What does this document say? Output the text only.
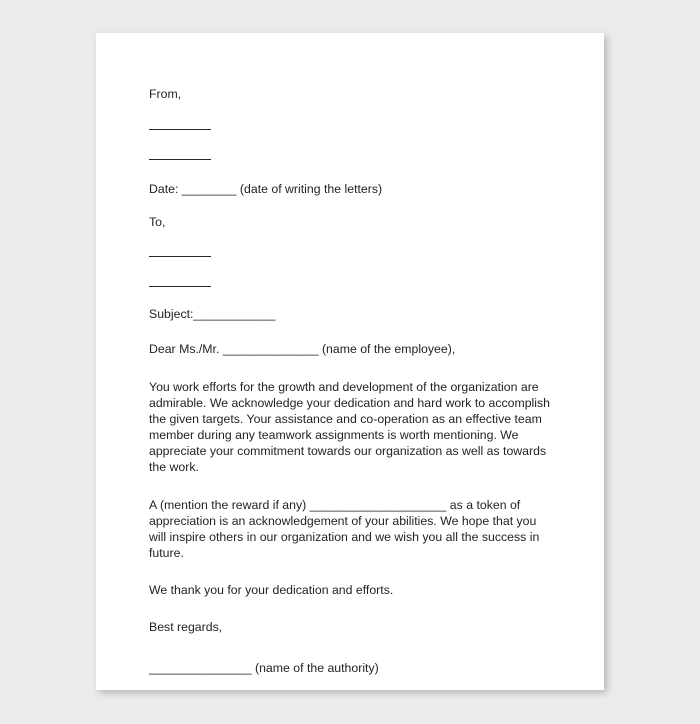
From,
Date: ________ (date of writing the letters)
To,
Subject:____________
Dear Ms./Mr. ______________ (name of the employee),
You work efforts for the growth and development of the organization are admirable. We acknowledge your dedication and hard work to accomplish the given targets. Your assistance and co-operation as an effective team member during any teamwork assignments is worth mentioning. We appreciate your commitment towards our organization as well as towards the work.
A (mention the reward if any) ____________________ as a token of appreciation is an acknowledgement of your abilities. We hope that you will inspire others in our organization and we wish you all the success in future.
We thank you for your dedication and efforts.
Best regards,
_______________ (name of the authority)
